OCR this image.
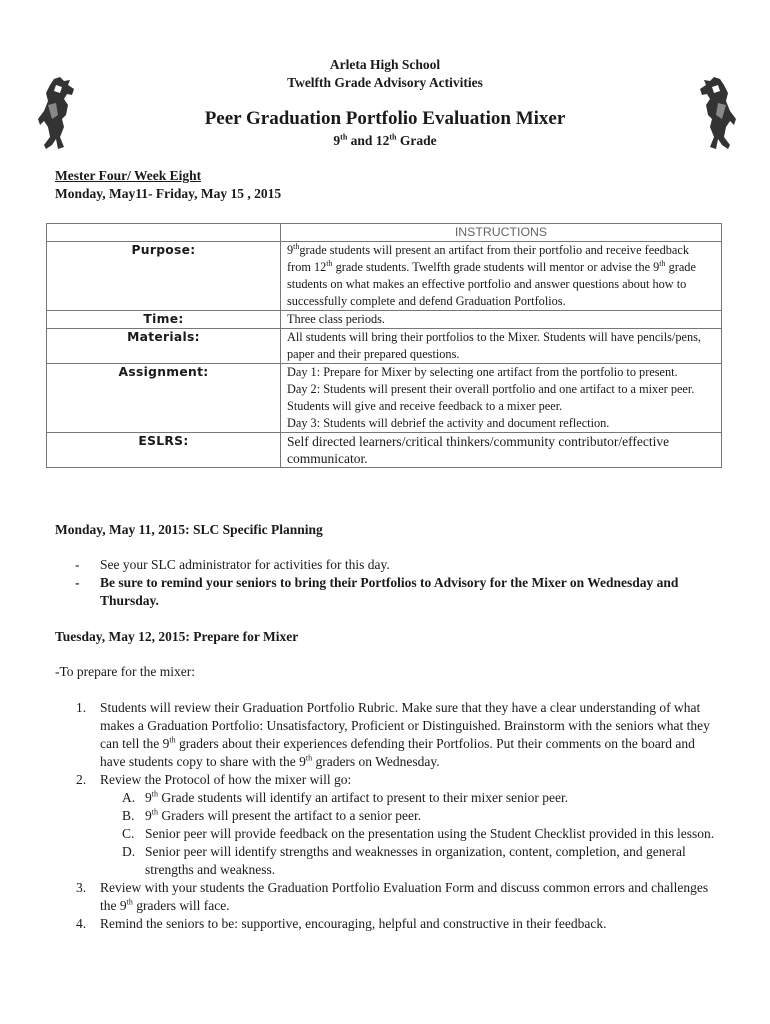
Arleta High School
Twelfth Grade Advisory Activities
Peer Graduation Portfolio Evaluation Mixer
9th and 12th Grade
Mester Four/ Week Eight
Monday, May11- Friday, May 15 , 2015
	INSTRUCTIONS
Purpose:	9thgrade students will present an artifact from their portfolio and receive feedback from 12th grade students. Twelfth grade students will mentor or advise the 9th grade students on what makes an effective portfolio and answer questions about how to successfully complete and defend Graduation Portfolios.
Time:	Three class periods.
Materials:	All students will bring their portfolios to the Mixer. Students will have pencils/pens, paper and their prepared questions.
Assignment:	Day 1: Prepare for Mixer by selecting one artifact from the portfolio to present.
Day 2: Students will present their overall portfolio and one artifact to a mixer peer. Students will give and receive feedback to a mixer peer.
Day 3: Students will debrief the activity and document reflection.

ESLRS:	Self directed learners/critical thinkers/community contributor/effective communicator.
Monday, May 11, 2015: SLC Specific Planning
- See your SLC administrator for activities for this day.
- Be sure to remind your seniors to bring their Portfolios to Advisory for the Mixer on Wednesday and Thursday.
Tuesday, May 12, 2015: Prepare for Mixer
-To prepare for the mixer:
1. Students will review their Graduation Portfolio Rubric. Make sure that they have a clear understanding of what makes a Graduation Portfolio: Unsatisfactory, Proficient or Distinguished. Brainstorm with the seniors what they can tell the 9th graders about their experiences defending their Portfolios. Put their comments on the board and have students copy to share with the 9th graders on Wednesday.
2. Review the Protocol of how the mixer will go:
A. 9th Grade students will identify an artifact to present to their mixer senior peer.
B. 9th Graders will present the artifact to a senior peer.
C. Senior peer will provide feedback on the presentation using the Student Checklist provided in this lesson.
D. Senior peer will identify strengths and weaknesses in organization, content, completion, and general strengths and weakness.
3. Review with your students the Graduation Portfolio Evaluation Form and discuss common errors and challenges the 9th graders will face.
4. Remind the seniors to be: supportive, encouraging, helpful and constructive in their feedback.
